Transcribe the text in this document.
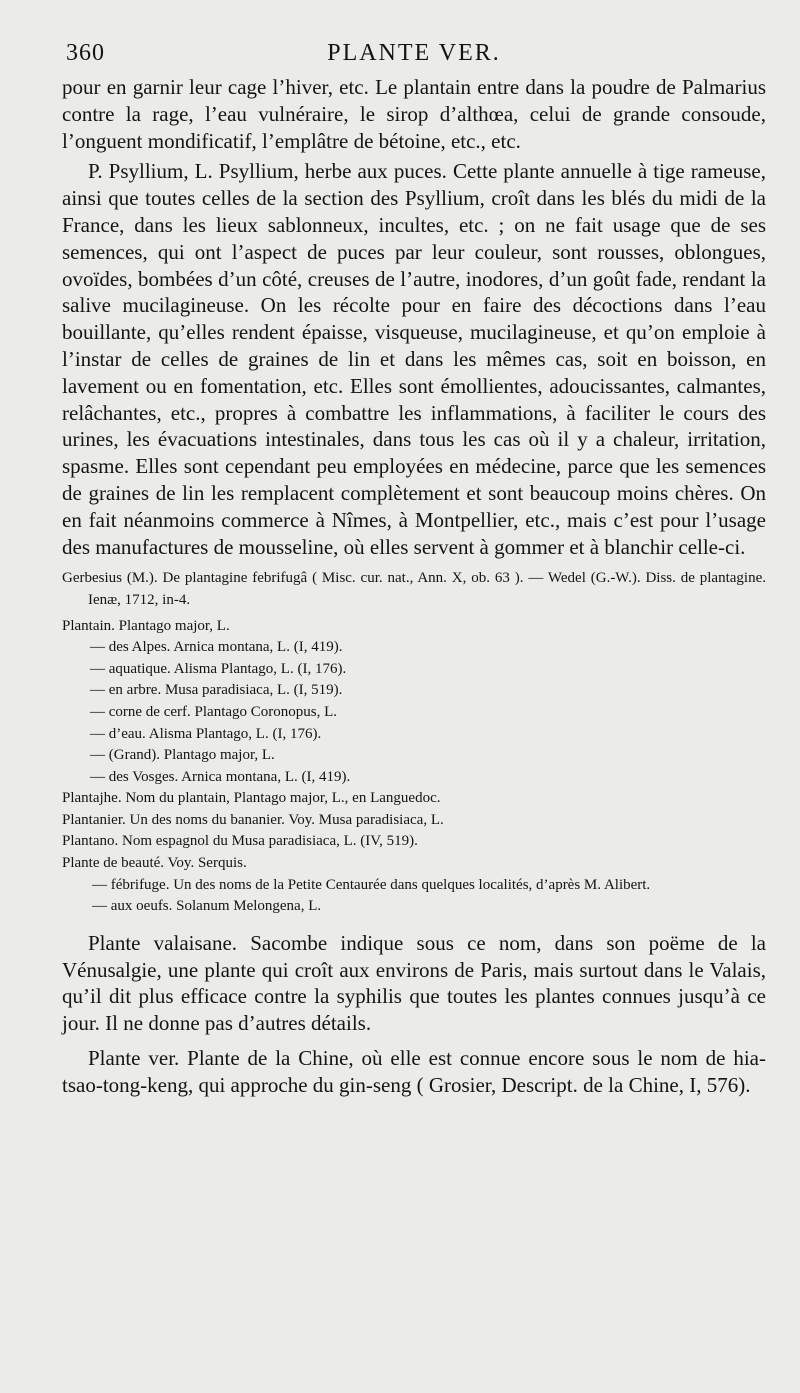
360	PLANTE VER.

pour en garnir leur cage l’hiver, etc. Le plantain entre dans la poudre de Palmarius contre la rage, l’eau vulnéraire, le sirop d’althœa, celui de grande consoude, l’onguent mondificatif, l’emplâtre de bétoine, etc., etc.

P. Psyllium, L. Psyllium, herbe aux puces. Cette plante annuelle à tige rameuse, ainsi que toutes celles de la section des Psyllium, croît dans les blés du midi de la France, dans les lieux sablonneux, incultes, etc. ; on ne fait usage que de ses semences, qui ont l’aspect de puces par leur couleur, sont rousses, oblongues, ovoïdes, bombées d’un côté, creuses de l’autre, inodores, d’un goût fade, rendant la salive mucilagineuse. On les récolte pour en faire des décoctions dans l’eau bouillante, qu’elles rendent épaisse, visqueuse, mucilagineuse, et qu’on emploie à l’instar de celles de graines de lin et dans les mêmes cas, soit en boisson, en lavement ou en fomentation, etc. Elles sont émollientes, adoucissantes, calmantes, relâchantes, etc., propres à combattre les inflammations, à faciliter le cours des urines, les évacuations intestinales, dans tous les cas où il y a chaleur, irritation, spasme. Elles sont cependant peu employées en médecine, parce que les semences de graines de lin les remplacent complètement et sont beaucoup moins chères. On en fait néanmoins commerce à Nîmes, à Montpellier, etc., mais c’est pour l’usage des manufactures de mousseline, où elles servent à gommer et à blanchir celle-ci.

Gerbesius (M.). De plantagine febrifugâ ( Misc. cur. nat., Ann. X, ob. 63 ). — Wedel (G.-W.). Diss. de plantagine. Ienæ, 1712, in-4.

Plantain. Plantago major, L.

— des Alpes. Arnica montana, L. (I, 419).

— aquatique. Alisma Plantago, L. (I, 176).

— en arbre. Musa paradisiaca, L. (I, 519).

— corne de cerf. Plantago Coronopus, L.

— d’eau. Alisma Plantago, L. (I, 176).

— (Grand). Plantago major, L.

— des Vosges. Arnica montana, L. (I, 419).

Plantajhe. Nom du plantain, Plantago major, L., en Languedoc.

Plantanier. Un des noms du bananier. Voy. Musa paradisiaca, L.

Plantano. Nom espagnol du Musa paradisiaca, L. (IV, 519).

Plante de beauté. Voy. Serquis.

— fébrifuge. Un des noms de la Petite Centaurée dans quelques localités, d’après M. Alibert.

— aux oeufs. Solanum Melongena, L.

Plante valaisane. Sacombe indique sous ce nom, dans son poëme de la Vénusalgie, une plante qui croît aux environs de Paris, mais surtout dans le Valais, qu’il dit plus efficace contre la syphilis que toutes les plantes connues jusqu’à ce jour. Il ne donne pas d’autres détails.

Plante ver. Plante de la Chine, où elle est connue encore sous le nom de hia-tsao-tong-keng, qui approche du gin-seng ( Grosier, Descript. de la Chine, I, 576).
